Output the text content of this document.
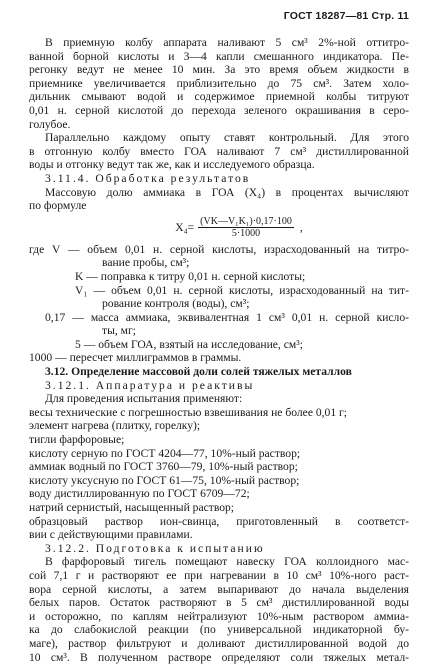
ГОСТ 18287—81 Стр. 11
В приемную колбу аппарата наливают 5 см³ 2%-ной оттитро-
ванной борной кислоты и 3—4 капли смешанного индикатора. Пе-
регонку ведут не менее 10 мин. За это время объем жидкости в
приемнике увеличивается приблизительно до 75 см³. Затем холо-
дильник смывают водой и содержимое приемной колбы титруют
0,01 н. серной кислотой до перехода зеленого окрашивания в серо-
голубое.
Параллельно каждому опыту ставят контрольный. Для этого
в отгонную колбу вместо ГОА наливают 7 см³ дистиллированной
воды и отгонку ведут так же, как и исследуемого образца.
3.11.4. Обработка результатов
Массовую долю аммиака в ГОА (X₄) в процентах вычисляют
по формуле
$X_4= \frac{\text{(VK—V₁K₁)·0,17·100}}{5\cdot 1000}$ ,
где V — объем 0,01 н. серной кислоты, израсходованный на титро-
вание пробы, см³;
K — поправка к титру 0,01 н. серной кислоты;
V₁ — объем 0,01 н. серной кислоты, израсходованный на тит-
рование контроля (воды), см³;
0,17 — масса аммиака, эквивалентная 1 см³ 0,01 н. серной кисло-
ты, мг;
5 — объем ГОА, взятый на исследование, см³;
1000 — пересчет миллиграммов в граммы.
3.12. Определение массовой доли солей тяжелых металлов
3.12.1. Аппаратура и реактивы
Для проведения испытания применяют:
весы технические с погрешностью взвешивания не более 0,01 г;
элемент нагрева (плитку, горелку);
тигли фарфоровые;
кислоту серную по ГОСТ 4204—77, 10%-ный раствор;
аммиак водный по ГОСТ 3760—79, 10%-ный раствор;
кислоту уксусную по ГОСТ 61—75, 10%-ный раствор;
воду дистиллированную по ГОСТ 6709—72;
натрий сернистый, насыщенный раствор;
образцовый раствор ион-свинца, приготовленный в соответст-
вии с действующими правилами.
3.12.2. Подготовка к испытанию
В фарфоровый тигель помещают навеску ГОА коллоидного мас-
сой 7,1 г и растворяют ее при нагревании в 10 см³ 10%-ного раст-
вора серной кислоты, а затем выпаривают до начала выделения
белых паров. Остаток растворяют в 5 см³ дистиллированной воды
и осторожно, по каплям нейтрализуют 10%-ным раствором аммиа-
ка до слабокислой реакции (по универсальной индикаторной бу-
маге), раствор фильтруют и доливают дистиллированной водой до
10 см³. В полученном растворе определяют соли тяжелых метал-
